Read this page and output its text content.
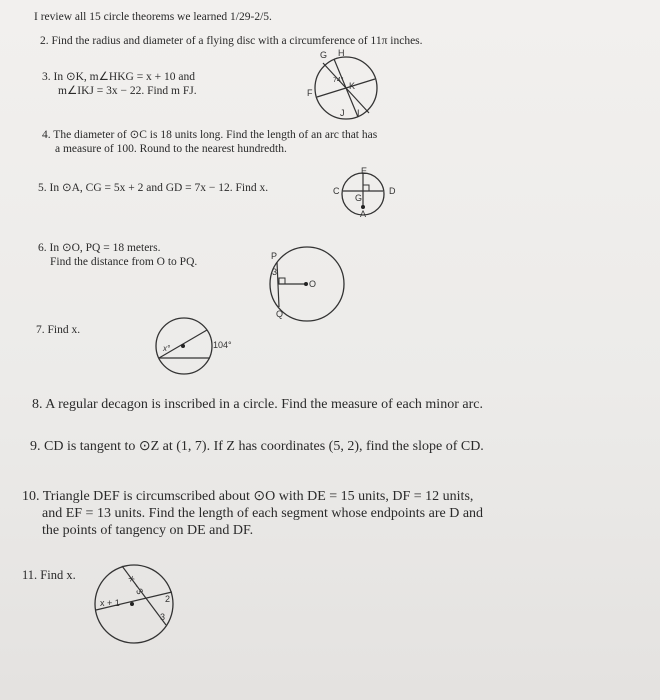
I review all 15 circle theorems we learned 1/29-2/5.
2. Find the radius and diameter of a flying disc with a circumference of 11π inches.
3. In ⊙K, m∠HKG = x + 10 and
m∠IKJ = 3x − 22. Find m FJ.
G H
K
F
J I
74°
4. The diameter of ⊙C is 18 units long. Find the length of an arc that has
a measure of 100. Round to the nearest hundredth.
5. In ⊙A, CG = 5x + 2 and GD = 7x − 12. Find x.
E
C
G
D
A
6. In ⊙O, PQ = 18 meters.
Find the distance from O to PQ.	P
O
Q
3
7. Find x.
x°	104°
8. A regular decagon is inscribed in a circle. Find the measure of each minor arc.
9. CD is tangent to ⊙Z at (1, 7). If Z has coordinates (5, 2), find the slope of CD.
10. Triangle DEF is circumscribed about ⊙O with DE = 15 units, DF = 12 units,
and EF = 13 units. Find the length of each segment whose endpoints are D and
the points of tangency on DE and DF.
11. Find x.	x − 3
2
3
x + 1
